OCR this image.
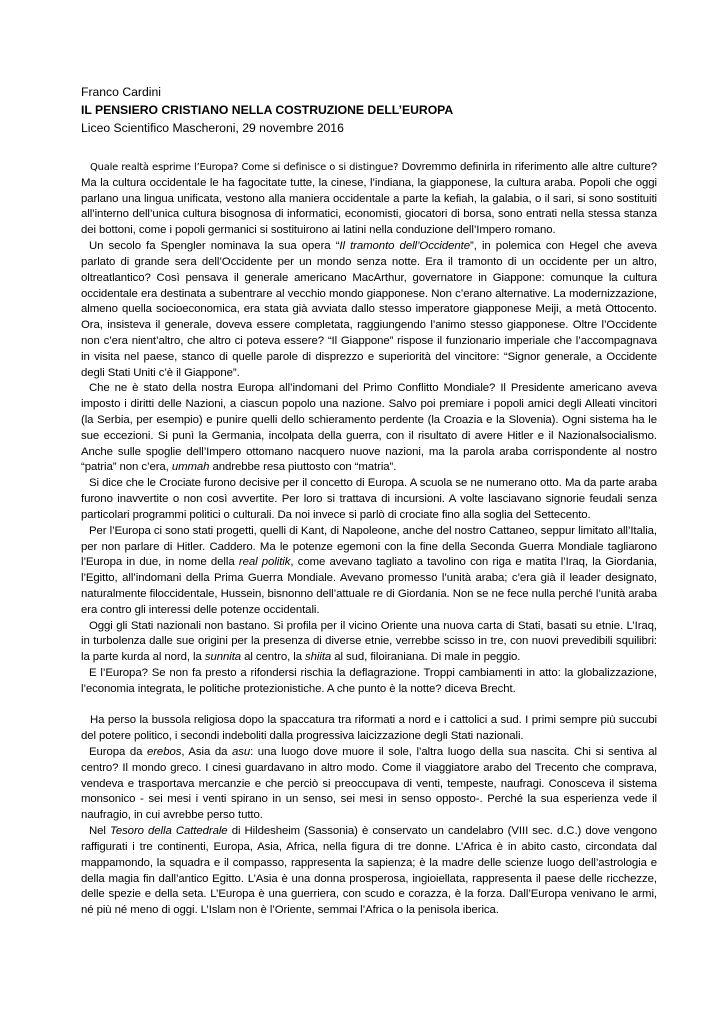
Franco Cardini
IL PENSIERO CRISTIANO NELLA COSTRUZIONE DELL’EUROPA
Liceo Scientifico Mascheroni, 29 novembre 2016

Quale realtà esprime l’Europa? Come si definisce o si distingue? Dovremmo definirla in riferimento alle altre culture? Ma la cultura occidentale le ha fagocitate tutte, la cinese, l’indiana, la giapponese, la cultura araba. Popoli che oggi parlano una lingua unificata, vestono alla maniera occidentale a parte la kefiah, la galabia, o il sari, si sono sostituiti all’interno dell’unica cultura bisognosa di informatici, economisti, giocatori di borsa, sono entrati nella stessa stanza dei bottoni, come i popoli germanici si sostituirono ai latini nella conduzione dell’Impero romano.

Un secolo fa Spengler nominava la sua opera “Il tramonto dell’Occidente”, in polemica con Hegel che aveva parlato di grande sera dell’Occidente per un mondo senza notte. Era il tramonto di un occidente per un altro, oltreatlantico? Così pensava il generale americano MacArthur, governatore in Giappone: comunque la cultura occidentale era destinata a subentrare al vecchio mondo giapponese. Non c’erano alternative. La modernizzazione, almeno quella socioeconomica, era stata già avviata dallo stesso imperatore giapponese Meiji, a metà Ottocento. Ora, insisteva il generale, doveva essere completata, raggiungendo l’animo stesso giapponese. Oltre l’Occidente non c’era nient’altro, che altro ci poteva essere? “Il Giappone” rispose il funzionario imperiale che l’accompagnava in visita nel paese, stanco di quelle parole di disprezzo e superiorità del vincitore: “Signor generale, a Occidente degli Stati Uniti c’è il Giappone”.

Che ne è stato della nostra Europa all’indomani del Primo Conflitto Mondiale? Il Presidente americano aveva imposto i diritti delle Nazioni, a ciascun popolo una nazione. Salvo poi premiare i popoli amici degli Alleati vincitori (la Serbia, per esempio) e punire quelli dello schieramento perdente (la Croazia e la Slovenia). Ogni sistema ha le sue eccezioni. Si punì la Germania, incolpata della guerra, con il risultato di avere Hitler e il Nazionalsocialismo. Anche sulle spoglie dell’Impero ottomano nacquero nuove nazioni, ma la parola araba corrispondente al nostro “patria” non c’era, ummah andrebbe resa piuttosto con “matria”.

Si dice che le Crociate furono decisive per il concetto di Europa. A scuola se ne numerano otto. Ma da parte araba furono inavvertite o non così avvertite. Per loro si trattava di incursioni. A volte lasciavano signorie feudali senza particolari programmi politici o culturali. Da noi invece si parlò di crociate fino alla soglia del Settecento.

Per l’Europa ci sono stati progetti, quelli di Kant, di Napoleone, anche del nostro Cattaneo, seppur limitato all’Italia, per non parlare di Hitler. Caddero. Ma le potenze egemoni con la fine della Seconda Guerra Mondiale tagliarono l’Europa in due, in nome della real politik, come avevano tagliato a tavolino con riga e matita l’Iraq, la Giordania, l’Egitto, all’indomani della Prima Guerra Mondiale. Avevano promesso l’unità araba; c’era già il leader designato, naturalmente filoccidentale, Hussein, bisnonno dell’attuale re di Giordania. Non se ne fece nulla perché l’unità araba era contro gli interessi delle potenze occidentali.

Oggi gli Stati nazionali non bastano. Si profila per il vicino Oriente una nuova carta di Stati, basati su etnie. L’Iraq, in turbolenza dalle sue origini per la presenza di diverse etnie, verrebbe scisso in tre, con nuovi prevedibili squilibri: la parte kurda al nord, la sunnita al centro, la shiita al sud, filoiraniana. Di male in peggio.

E l’Europa? Se non fa presto a rifondersi rischia la deflagrazione. Troppi cambiamenti in atto: la globalizzazione, l’economia integrata, le politiche protezionistiche. A che punto è la notte? diceva Brecht.

Ha perso la bussola religiosa dopo la spaccatura tra riformati a nord e i cattolici a sud. I primi sempre più succubi del potere politico, i secondi indeboliti dalla progressiva laicizzazione degli Stati nazionali.

Europa da erebos, Asia da asu: una luogo dove muore il sole, l’altra luogo della sua nascita. Chi si sentiva al centro? Il mondo greco. I cinesi guardavano in altro modo. Come il viaggiatore arabo del Trecento che comprava, vendeva e trasportava mercanzie e che perciò si preoccupava di venti, tempeste, naufragi. Conosceva il sistema monsonico - sei mesi i venti spirano in un senso, sei mesi in senso opposto-. Perché la sua esperienza vede il naufragio, in cui avrebbe perso tutto.

Nel Tesoro della Cattedrale di Hildesheim (Sassonia) è conservato un candelabro (VIII sec. d.C.) dove vengono raffigurati i tre continenti, Europa, Asia, Africa, nella figura di tre donne. L’Africa è in abito casto, circondata dal mappamondo, la squadra e il compasso, rappresenta la sapienza; è la madre delle scienze luogo dell’astrologia e della magia fin dall’antico Egitto. L’Asia è una donna prosperosa, ingioiellata, rappresenta il paese delle ricchezze, delle spezie e della seta. L’Europa è una guerriera, con scudo e corazza, è la forza. Dall’Europa venivano le armi, né più né meno di oggi. L’Islam non è l’Oriente, semmai l’Africa o la penisola iberica.
